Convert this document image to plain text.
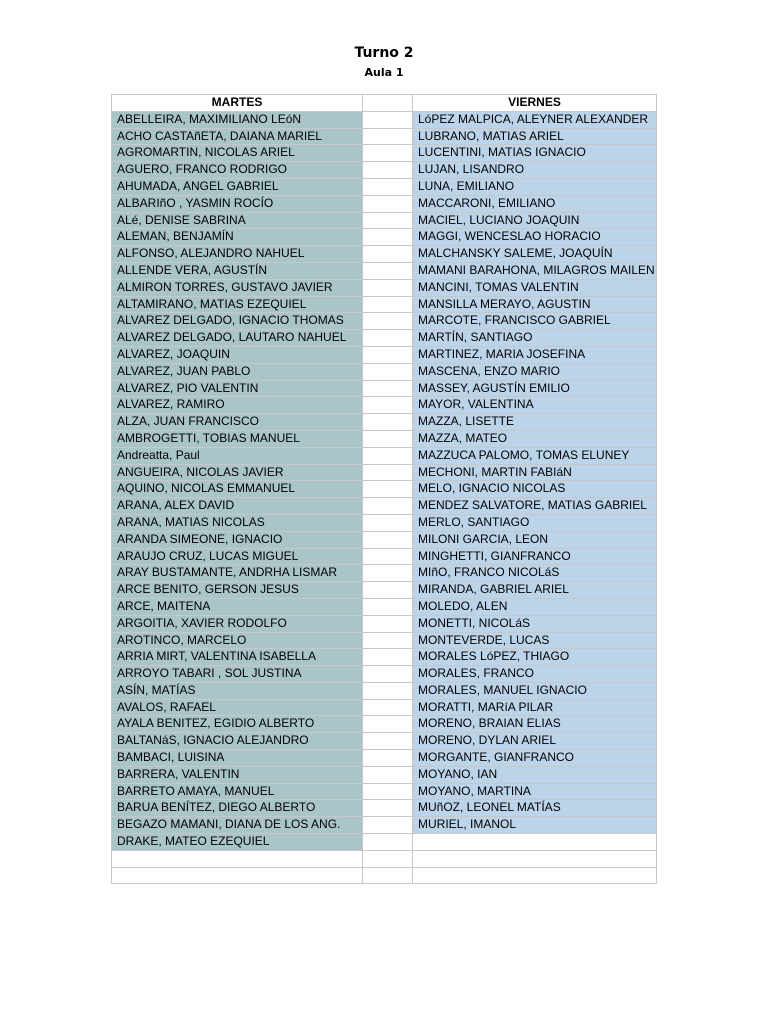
Turno 2
Aula 1
MARTES		VIERNES
ABELLEIRA, MAXIMILIANO LEóN		LóPEZ MALPICA, ALEYNER ALEXANDER
ACHO CASTAñETA, DAIANA MARIEL		LUBRANO, MATIAS ARIEL
AGROMARTIN, NICOLAS ARIEL		LUCENTINI, MATIAS IGNACIO
AGUERO, FRANCO RODRIGO		LUJAN, LISANDRO
AHUMADA, ANGEL GABRIEL		LUNA, EMILIANO
ALBARIñO , YASMIN ROCÍO		MACCARONI, EMILIANO
ALé, DENISE SABRINA		MACIEL, LUCIANO JOAQUIN
ALEMAN, BENJAMÍN		MAGGI, WENCESLAO HORACIO
ALFONSO, ALEJANDRO NAHUEL		MALCHANSKY SALEME, JOAQUÍN
ALLENDE VERA, AGUSTÍN		MAMANI BARAHONA, MILAGROS MAILEN
ALMIRON TORRES, GUSTAVO JAVIER		MANCINI, TOMAS VALENTIN
ALTAMIRANO, MATIAS EZEQUIEL		MANSILLA MERAYO, AGUSTIN
ALVAREZ DELGADO, IGNACIO THOMAS		MARCOTE, FRANCISCO GABRIEL
ALVAREZ DELGADO, LAUTARO NAHUEL		MARTÍN, SANTIAGO
ALVAREZ, JOAQUIN		MARTINEZ, MARIA JOSEFINA
ALVAREZ, JUAN PABLO		MASCENA, ENZO MARIO
ALVAREZ, PIO VALENTIN		MASSEY, AGUSTÍN EMILIO
ALVAREZ, RAMIRO		MAYOR, VALENTINA
ALZA, JUAN FRANCISCO		MAZZA, LISETTE
AMBROGETTI, TOBIAS MANUEL		MAZZA, MATEO
Andreatta, Paul		MAZZUCA PALOMO, TOMAS ELUNEY
ANGUEIRA, NICOLAS JAVIER		MECHONI, MARTIN FABIáN
AQUINO, NICOLAS EMMANUEL		MELO, IGNACIO NICOLAS
ARANA, ALEX DAVID		MENDEZ SALVATORE, MATIAS GABRIEL
ARANA, MATIAS NICOLAS		MERLO, SANTIAGO
ARANDA SIMEONE, IGNACIO		MILONI GARCIA, LEON
ARAUJO CRUZ, LUCAS MIGUEL		MINGHETTI, GIANFRANCO
ARAY BUSTAMANTE, ANDRHA LISMAR		MIñO, FRANCO NICOLáS
ARCE BENITO, GERSON JESUS		MIRANDA, GABRIEL ARIEL
ARCE, MAITENA		MOLEDO, ALEN
ARGOITIA, XAVIER RODOLFO		MONETTI, NICOLáS
AROTINCO, MARCELO		MONTEVERDE, LUCAS
ARRIA MIRT, VALENTINA ISABELLA		MORALES LóPEZ, THIAGO
ARROYO TABARI , SOL JUSTINA		MORALES, FRANCO
ASÍN, MATÍAS		MORALES, MANUEL IGNACIO
AVALOS, RAFAEL		MORATTI, MARíA PILAR
AYALA BENITEZ, EGIDIO ALBERTO		MORENO, BRAIAN ELIAS
BALTANáS, IGNACIO ALEJANDRO		MORENO, DYLAN ARIEL
BAMBACI, LUISINA		MORGANTE, GIANFRANCO
BARRERA, VALENTIN		MOYANO, IAN
BARRETO AMAYA, MANUEL		MOYANO, MARTINA
BARUA BENÍTEZ, DIEGO ALBERTO		MUñOZ, LEONEL MATÍAS
BEGAZO MAMANI, DIANA DE LOS ANG.		MURIEL, IMANOL
DRAKE, MATEO EZEQUIEL		
